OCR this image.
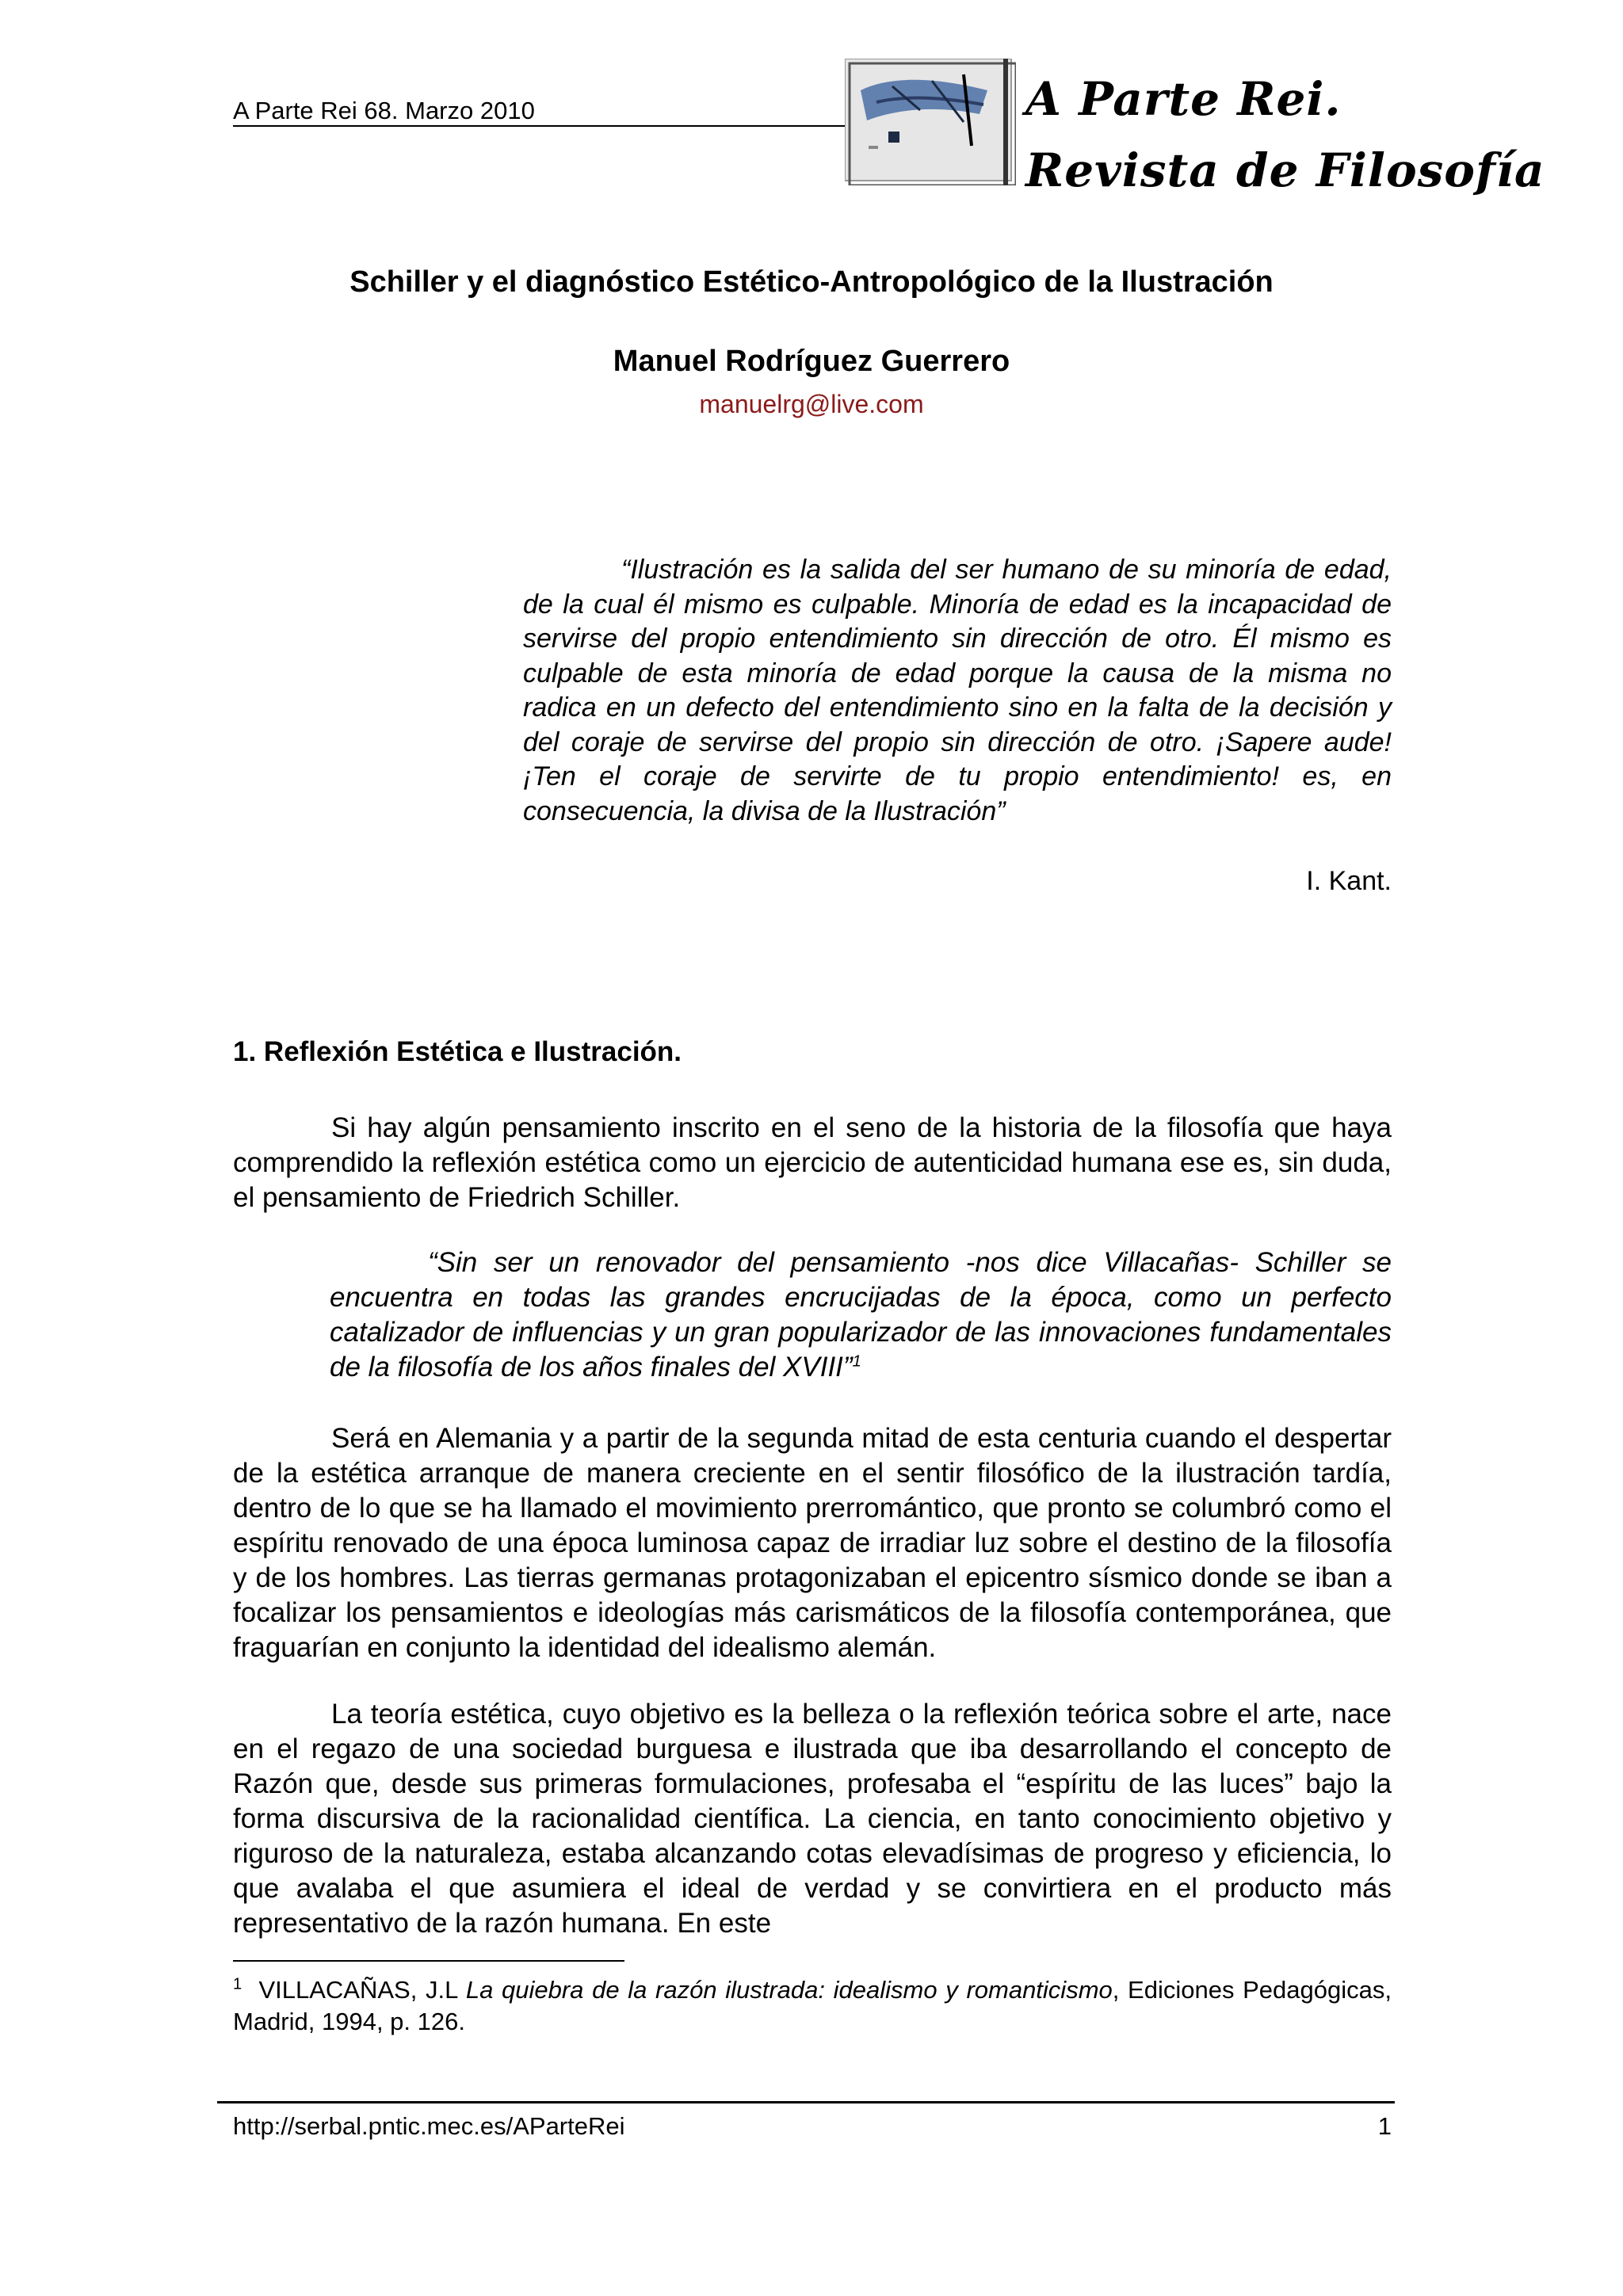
A Parte Rei 68. Marzo 2010	A Parte Rei.
Revista de Filosofía
Schiller y el diagnóstico Estético-Antropológico de la Ilustración
Manuel Rodríguez Guerrero
manuelrg@live.com

“Ilustración es la salida del ser humano de su minoría de edad, de la cual él mismo es culpable. Minoría de edad es la incapacidad de servirse del propio entendimiento sin dirección de otro. Él mismo es culpable de esta minoría de edad porque la causa de la misma no radica en un defecto del entendimiento sino en la falta de la decisión y del coraje de servirse del propio sin dirección de otro. ¡Sapere aude! ¡Ten el coraje de servirte de tu propio entendimiento! es, en consecuencia, la divisa de la Ilustración”

I. Kant.
1. Reflexión Estética e Ilustración.

Si hay algún pensamiento inscrito en el seno de la historia de la filosofía que haya comprendido la reflexión estética como un ejercicio de autenticidad humana ese es, sin duda, el pensamiento de Friedrich Schiller.

“Sin ser un renovador del pensamiento -nos dice Villacañas- Schiller se encuentra en todas las grandes encrucijadas de la época, como un perfecto catalizador de influencias y un gran popularizador de las innovaciones fundamentales de la filosofía de los años finales del XVIII”$^1$

Será en Alemania y a partir de la segunda mitad de esta centuria cuando el despertar de la estética arranque de manera creciente en el sentir filosófico de la ilustración tardía, dentro de lo que se ha llamado el movimiento prerromántico, que pronto se columbró como el espíritu renovado de una época luminosa capaz de irradiar luz sobre el destino de la filosofía y de los hombres. Las tierras germanas protagonizaban el epicentro sísmico donde se iban a focalizar los pensamientos e ideologías más carismáticos de la filosofía contemporánea, que fraguarían en conjunto la identidad del idealismo alemán.

La teoría estética, cuyo objetivo es la belleza o la reflexión teórica sobre el arte, nace en el regazo de una sociedad burguesa e ilustrada que iba desarrollando el concepto de Razón que, desde sus primeras formulaciones, profesaba el “espíritu de las luces” bajo la forma discursiva de la racionalidad científica. La ciencia, en tanto conocimiento objetivo y riguroso de la naturaleza, estaba alcanzando cotas elevadísimas de progreso y eficiencia, lo que avalaba el que asumiera el ideal de verdad y se convirtiera en el producto más representativo de la razón humana. En este

$^1$ VILLACAÑAS, J.L La quiebra de la razón ilustrada: idealismo y romanticismo, Ediciones Pedagógicas, Madrid, 1994, p. 126.

http://serbal.pntic.mec.es/AParteRei	1
